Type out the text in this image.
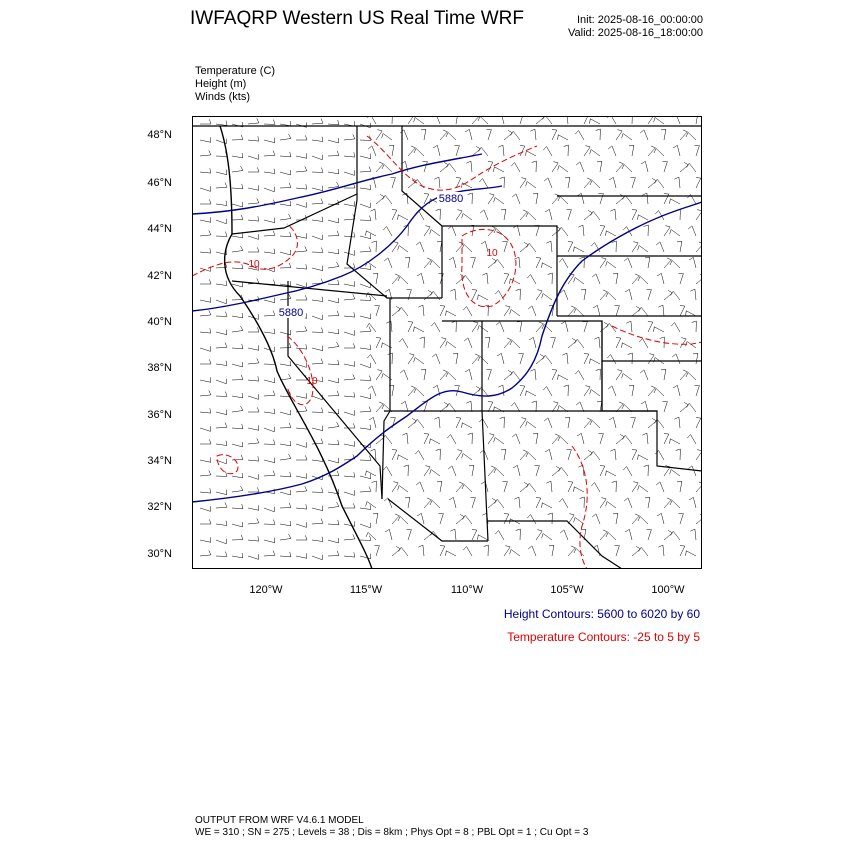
IWFAQRP Western US Real Time WRF	Init: 2025-08-16_00:00:00
Valid: 2025-08-16_18:00:00
Temperature (C)
Height (m)
Winds (kts)
48°N
46°N
44°N
42°N
40°N
38°N
36°N
34°N
32°N
30°N
120°W	115°W	110°W	105°W	100°W
5880
5880
10
10
10
Height Contours: 5600 to 6020 by 60
Temperature Contours: -25 to 5 by 5
OUTPUT FROM WRF V4.6.1 MODEL
WE = 310 ; SN = 275 ; Levels = 38 ; Dis = 8km ; Phys Opt = 8 ; PBL Opt = 1 ; Cu Opt = 3
